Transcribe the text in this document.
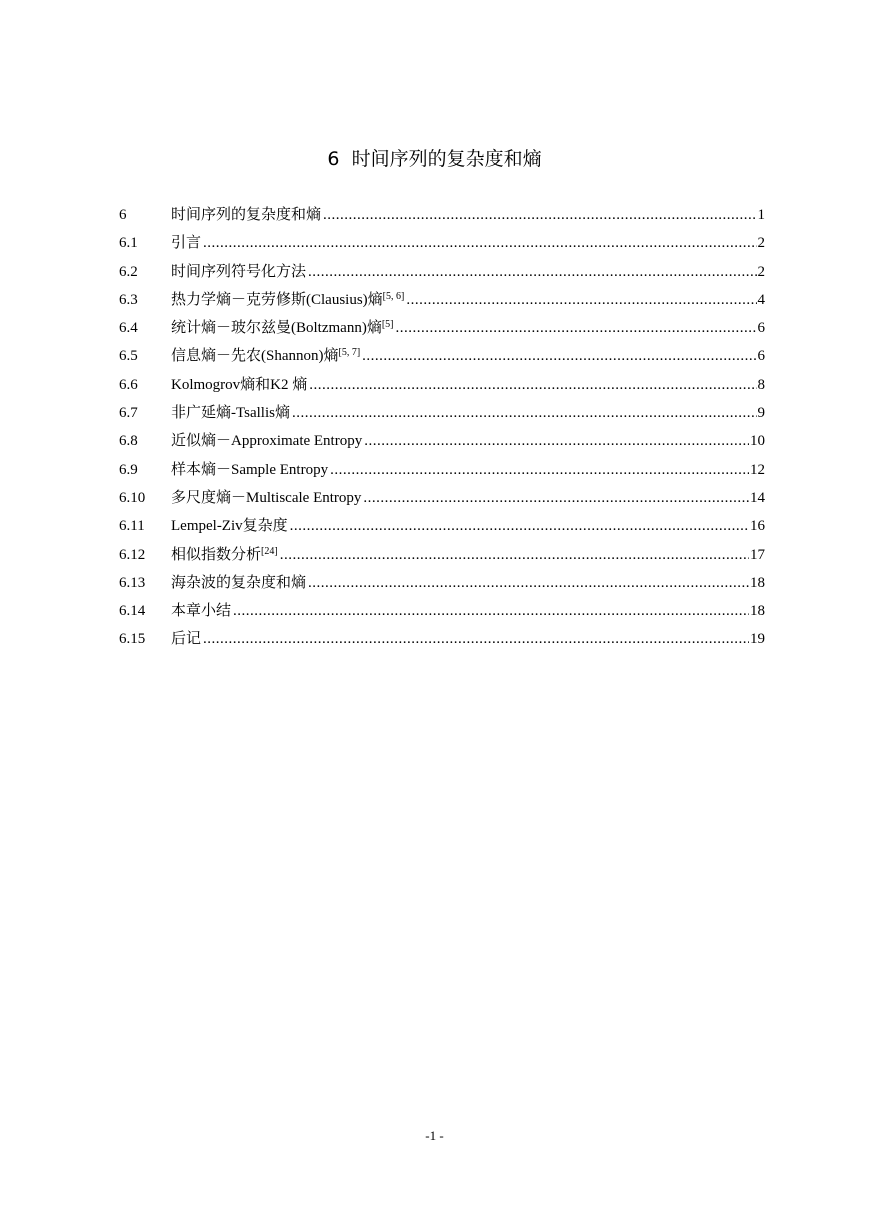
6  时间序列的复杂度和熵
6	时间序列的复杂度和熵 .....	1
6.1	引言 .....	2
6.2	时间序列符号化方法 .....	2
6.3	热力学熵－克劳修斯(Clausius)熵[5, 6] .....	4
6.4	统计熵－玻尔兹曼(Boltzmann)熵[5] .....	6
6.5	信息熵－先农(Shannon)熵[5, 7] .....	6
6.6	Kolmogrov熵和K2 熵 .....	8
6.7	非广延熵-Tsallis熵 .....	9
6.8	近似熵－Approximate Entropy .....	10
6.9	样本熵－Sample Entropy .....	12
6.10	多尺度熵－Multiscale Entropy .....	14
6.11	Lempel-Ziv复杂度 .....	16
6.12	相似指数分析[24] .....	17
6.13	海杂波的复杂度和熵 .....	18
6.14	本章小结 .....	18
6.15	后记 .....	19
-1 -
